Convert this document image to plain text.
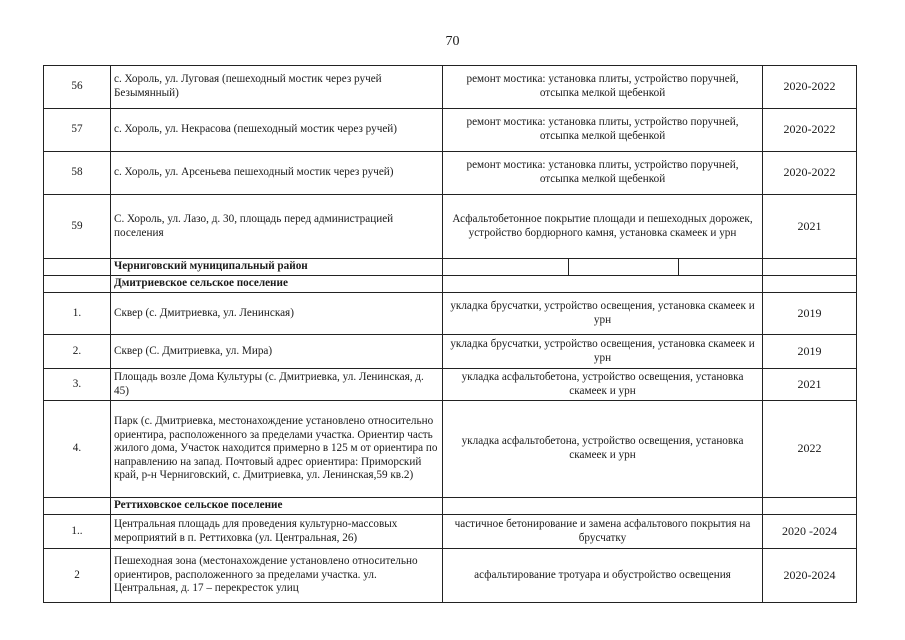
70
56	с. Хороль, ул. Луговая (пешеходный мостик через ручей Безымянный)	ремонт мостика: установка плиты, устройство поручней, отсыпка мелкой щебенкой	2020-2022
57	с. Хороль, ул. Некрасова (пешеходный мостик через ручей)	ремонт мостика: установка плиты, устройство поручней, отсыпка мелкой щебенкой	2020-2022
58	с. Хороль, ул. Арсеньева пешеходный мостик через ручей)	ремонт мостика: установка плиты, устройство поручней, отсыпка мелкой щебенкой	2020-2022
59	С. Хороль, ул. Лазо, д. 30, площадь перед администрацией поселения	Асфальтобетонное покрытие площади и пешеходных дорожек, устройство бордюрного камня, установка скамеек и урн	2021
	Черниговский муниципальный район	

	Дмитриевское сельское поселение		
1.	Сквер (с. Дмитриевка, ул. Ленинская)	укладка брусчатки, устройство освещения, установка скамеек и урн	2019
2.	Сквер (С. Дмитриевка, ул. Мира)	укладка брусчатки, устройство освещения, установка скамеек и урн	2019
3.	Площадь возле Дома Культуры (с. Дмитриевка, ул. Ленинская, д. 45)	укладка асфальтобетона, устройство освещения, установка скамеек и урн	2021
4.	Парк (с. Дмитриевка, местонахождение установлено относительно ориентира, расположенного за пределами участка. Ориентир часть жилого дома, Участок находится примерно в 125 м от ориентира по направлению на запад. Почтовый адрес ориентира: Приморский край, р-н Черниговский, с. Дмитриевка, ул. Ленинская,59 кв.2)	укладка асфальтобетона, устройство освещения, установка скамеек и урн	2022
	Реттиховское сельское поселение		
1..	Центральная площадь для проведения культурно-массовых мероприятий в п. Реттиховка (ул. Центральная, 26)	частичное бетонирование и замена асфальтового покрытия на брусчатку	2020 -2024
2	Пешеходная зона (местонахождение установлено относительно ориентиров, расположенного за пределами участка. ул. Центральная, д. 17 – перекресток улиц	асфальтирование тротуара и обустройство освещения	2020-2024
